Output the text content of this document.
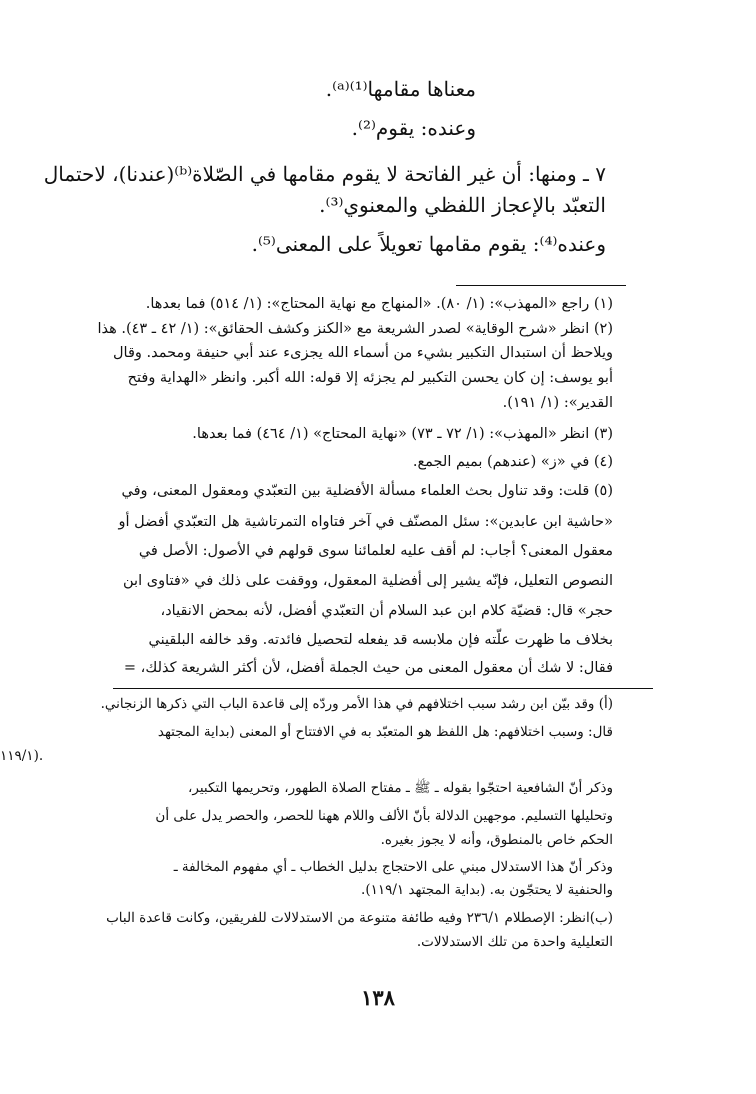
معناها مقامها⁽¹⁾⁽ᵃ⁾.

وعنده: يقوم⁽²⁾.

٧ ـ ومنها: أن غير الفاتحة لا يقوم مقامها في الصّلاة⁽ᵇ⁾(عندنا)، لاحتمال

التعبّد بالإعجاز اللفظي والمعنوي⁽³⁾.

وعنده⁽⁴⁾: يقوم مقامها تعويلاً على المعنى⁽⁵⁾.

(١) راجع «المهذب»: (١/ ٨٠). «المنهاج مع نهاية المحتاج»: (١/ ٥١٤) فما بعدها.

(٢) انظر «شرح الوقاية» لصدر الشريعة مع «الكنز وكشف الحقائق»: (١/ ٤٢ ـ ٤٣). هذا

ويلاحظ أن استبدال التكبير بشيء من أسماء الله يجزىء عند أبي حنيفة ومحمد. وقال

أبو يوسف: إن كان يحسن التكبير لم يجزئه إلا قوله: الله أكبر. وانظر «الهداية وفتح

القدير»: (١/ ١٩١).

(٣) انظر «المهذب»: (١/ ٧٢ ـ ٧٣) «نهاية المحتاج» (١/ ٤٦٤) فما بعدها.

(٤) في «ز» (عندهم) بميم الجمع.

(٥) قلت: وقد تناول بحث العلماء مسألة الأفضلية بين التعبّدي ومعقول المعنى، وفي

«حاشية ابن عابدين»: سئل المصنّف في آخر فتاواه التمرتاشية هل التعبّدي أفضل أو

معقول المعنى؟ أجاب: لم أقف عليه لعلمائنا سوى قولهم في الأصول: الأصل في

النصوص التعليل، فإنّه يشير إلى أفضلية المعقول، ووقفت على ذلك في «فتاوى ابن

حجر» قال: قضيّة كلام ابن عبد السلام أن التعبّدي أفضل، لأنه بمحض الانقياد،

بخلاف ما ظهرت علّته فإن ملابسه قد يفعله لتحصيل فائدته. وقد خالفه البلقيني

فقال: لا شك أن معقول المعنى من حيث الجملة أفضل، لأن أكثر الشريعة كذلك، =

(أ) وقد بيّن ابن رشد سبب اختلافهم في هذا الأمر وردّه إلى قاعدة الباب التي ذكرها الزنجاني.

قال: وسبب اختلافهم: هل اللفظ هو المتعبّد به في الافتتاح أو المعنى (بداية المجتهد

١١٩/١).

وذكر أنّ الشافعية احتجّوا بقوله ـ ﷺ ـ مفتاح الصلاة الطهور، وتحريمها التكبير،

وتحليلها التسليم. موجهين الدلالة بأنّ الألف واللام ههنا للحصر، والحصر يدل على أن

الحكم خاص بالمنطوق، وأنه لا يجوز بغيره.

وذكر أنّ هذا الاستدلال مبني على الاحتجاج بدليل الخطاب ـ أي مفهوم المخالفة ـ

والحنفية لا يحتجّون به. (بداية المجتهد ١١٩/١).

(ب)انظر: الإصطلام ٢٣٦/١ وفيه طائفة متنوعة من الاستدلالات للفريقين، وكانت قاعدة الباب

التعليلية واحدة من تلك الاستدلالات.

١٣٨
